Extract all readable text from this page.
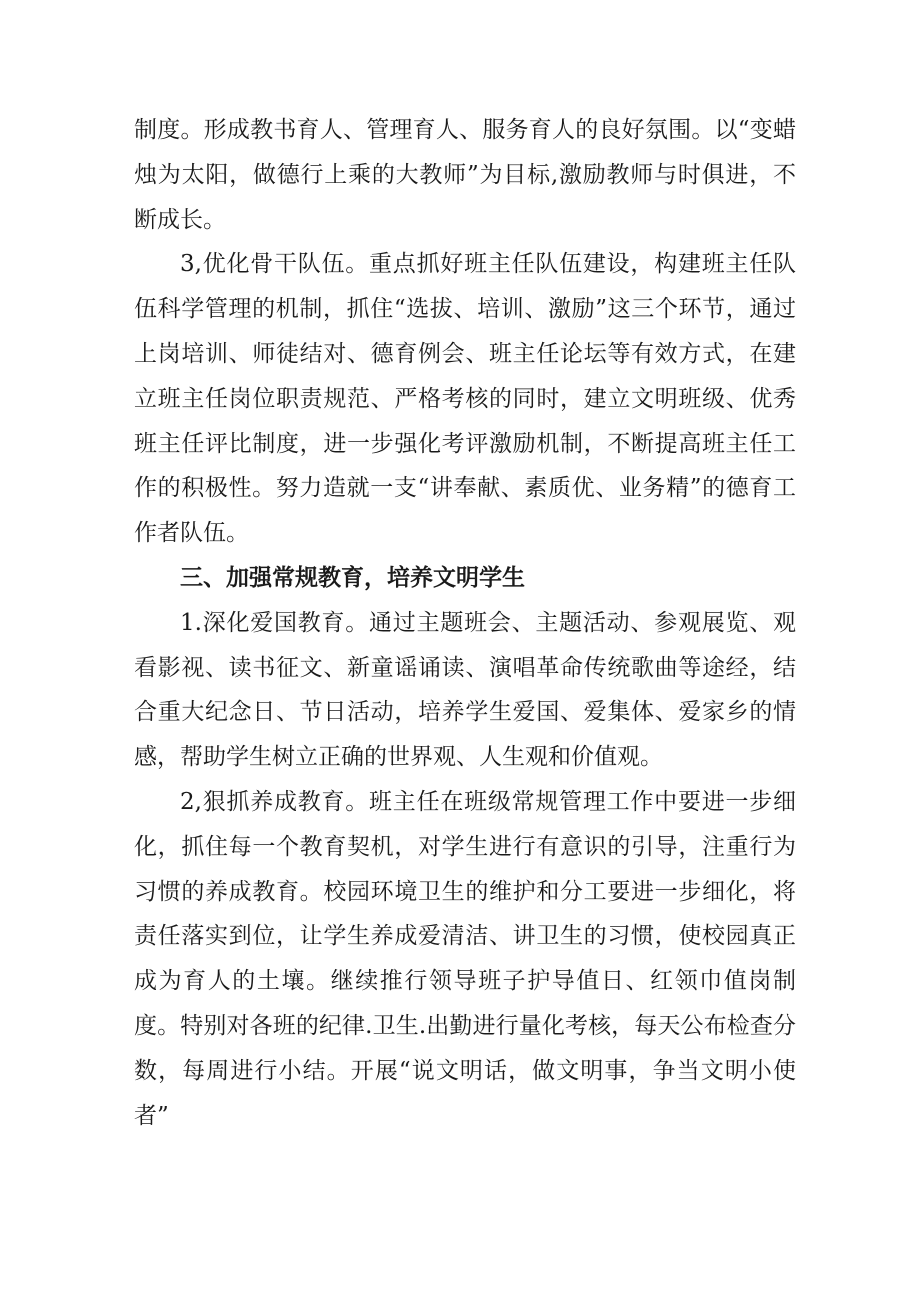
制度。形成教书育人、管理育人、服务育人的良好氛围。以“变蜡烛为太阳，做德行上乘的大教师”为目标,激励教师与时俱进，不断成长。

3,优化骨干队伍。重点抓好班主任队伍建设，构建班主任队伍科学管理的机制，抓住“选拔、培训、激励”这三个环节，通过上岗培训、师徒结对、德育例会、班主任论坛等有效方式，在建立班主任岗位职责规范、严格考核的同时，建立文明班级、优秀班主任评比制度，进一步强化考评激励机制，不断提高班主任工作的积极性。努力造就一支“讲奉献、素质优、业务精”的德育工作者队伍。

三、加强常规教育，培养文明学生

1.深化爱国教育。通过主题班会、主题活动、参观展览、观看影视、读书征文、新童谣诵读、演唱革命传统歌曲等途经，结合重大纪念日、节日活动，培养学生爱国、爱集体、爱家乡的情感，帮助学生树立正确的世界观、人生观和价值观。

2,狠抓养成教育。班主任在班级常规管理工作中要进一步细化，抓住每一个教育契机，对学生进行有意识的引导，注重行为习惯的养成教育。校园环境卫生的维护和分工要进一步细化，将责任落实到位，让学生养成爱清洁、讲卫生的习惯，使校园真正成为育人的土壤。继续推行领导班子护导值日、红领巾值岗制度。特别对各班的纪律.卫生.出勤进行量化考核，每天公布检查分数，每周进行小结。开展“说文明话，做文明事，争当文明小使者”
